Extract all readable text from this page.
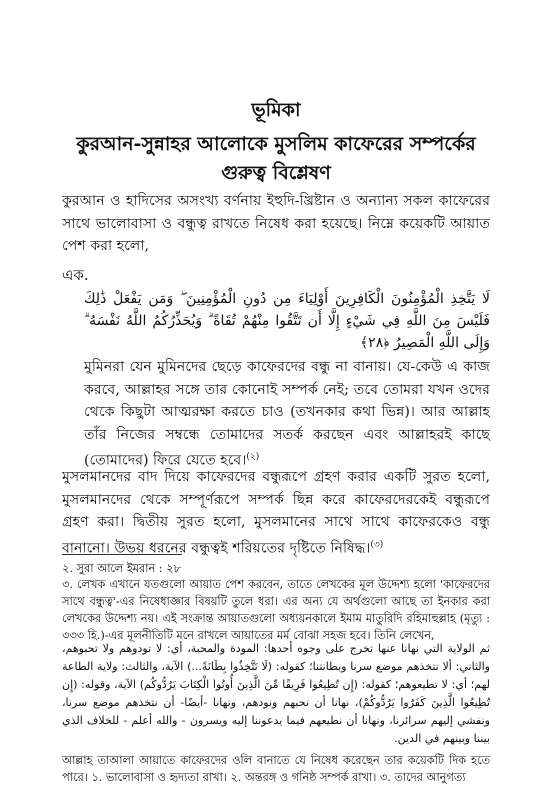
ভূমিকা
কুরআন-সুন্নাহর আলোকে মুসলিম কাফেরের সম্পর্কের গুরুত্ব বিশ্লেষণ

কুরআন ও হাদিসের অসংখ্য বর্ণনায় ইহুদি-খ্রিষ্টান ও অন্যান্য সকল কাফেরের সাথে ভালোবাসা ও বন্ধুত্ব রাখতে নিষেধ করা হয়েছে। নিম্নে কয়েকটি আয়াত পেশ করা হলো,

এক.
لَا يَتَّخِذِ الْمُؤْمِنُونَ الْكَافِرِينَ أَوْلِيَاءَ مِن دُونِ الْمُؤْمِنِينَ ۖ وَمَن يَفْعَلْ ذَٰلِكَ فَلَيْسَ مِنَ اللَّهِ فِي شَيْءٍ إِلَّا أَن تَتَّقُوا مِنْهُمْ تُقَاةً ۗ وَيُحَذِّرُكُمُ اللَّهُ نَفْسَهُ ۗ وَإِلَى اللَّهِ الْمَصِيرُ ﴿٢٨﴾

মুমিনরা যেন মুমিনদের ছেড়ে কাফেরদের বন্ধু না বানায়। যে-কেউ এ কাজ করবে, আল্লাহর সঙ্গে তার কোনোই সম্পর্ক নেই; তবে তোমরা যখন ওদের থেকে কিছুটা আত্মরক্ষা করতে চাও (তখনকার কথা ভিন্ন)। আর আল্লাহ তাঁর নিজের সম্বন্ধে তোমাদের সতর্ক করছেন এবং আল্লাহরই কাছে (তোমাদের) ফিরে যেতে হবে।$^{(২)}$

মুসলমানদের বাদ দিয়ে কাফেরদের বন্ধুরূপে গ্রহণ করার একটি সুরত হলো, মুসলমানদের থেকে সম্পূর্ণরূপে সম্পর্ক ছিন্ন করে কাফেরদেরকেই বন্ধুরূপে গ্রহণ করা। দ্বিতীয় সুরত হলো, মুসলমানের সাথে সাথে কাফেরকেও বন্ধু বানানো। উভয় ধরনের বন্ধুত্বই শরিয়তের দৃষ্টিতে নিষিদ্ধ।$^{(৩)}$

২. সুরা আলে ইমরান : ২৮

৩. লেখক এখানে যতগুলো আয়াত পেশ করবেন, তাতে লেখকের মূল উদ্দেশ্য হলো 'কাফেরদের সাথে বন্ধুত্ব'-এর নিষেধাজ্ঞার বিষয়টি তুলে ধরা। এর অন্য যে অর্থগুলো আছে তা ইনকার করা লেখকের উদ্দেশ্য নয়। এই সংক্রান্ত আয়াতগুলো অধ্যয়নকালে ইমাম মাতুরিদি রহিমাহুল্লাহ (মৃত্যু : ৩৩৩ হি.)-এর মূলনীতিটি মনে রাখলে আয়াতের মর্ম বোঝা সহজ হবে। তিনি লেখেন,

ثم الولاية التي نهانا عنها تخرج على وجوه أحدها: المودة والمحبة، أي: لا تودوهم ولا تحبوهم، والثاني: ألا نتخذهم موضع سرنا وبطانتنا؛ كقوله: (لَا تَتَّخِذُوا بِطَانَةً...) الآية، والثالث: ولاية الطاعة لهم؛ أي: لا تطيعوهم؛ كقوله: (إِن تُطِيعُوا فَرِيقًا مِّنَ الَّذِينَ أُوتُوا الْكِتَابَ يَرُدُّوكُم) الآية، وقوله: (إِن تُطِيعُوا الَّذِينَ كَفَرُوا يَرُدُّوكُمْ)، نهانا أن نحبهم ونودهم، ونهانا -أيضًا- أن نتخذهم موضع سرنا، ونفشي إليهم سرائرنا، ونهانا أن نطيعهم فيما يدعوننا إليه ويسرون - والله أعلم - للخلاف الذي بيننا وبينهم في الدين.

আল্লাহ তাআলা আয়াতে কাফেরদের ওলি বানাতে যে নিষেধ করেছেন তার কয়েকটি দিক হতে পারে। ১. ভালোবাসা ও হৃদ্যতা রাখা। ২. অন্তরঙ্গ ও গনিষ্ঠ সম্পর্ক রাখা। ৩. তাদের আনুগত্য
